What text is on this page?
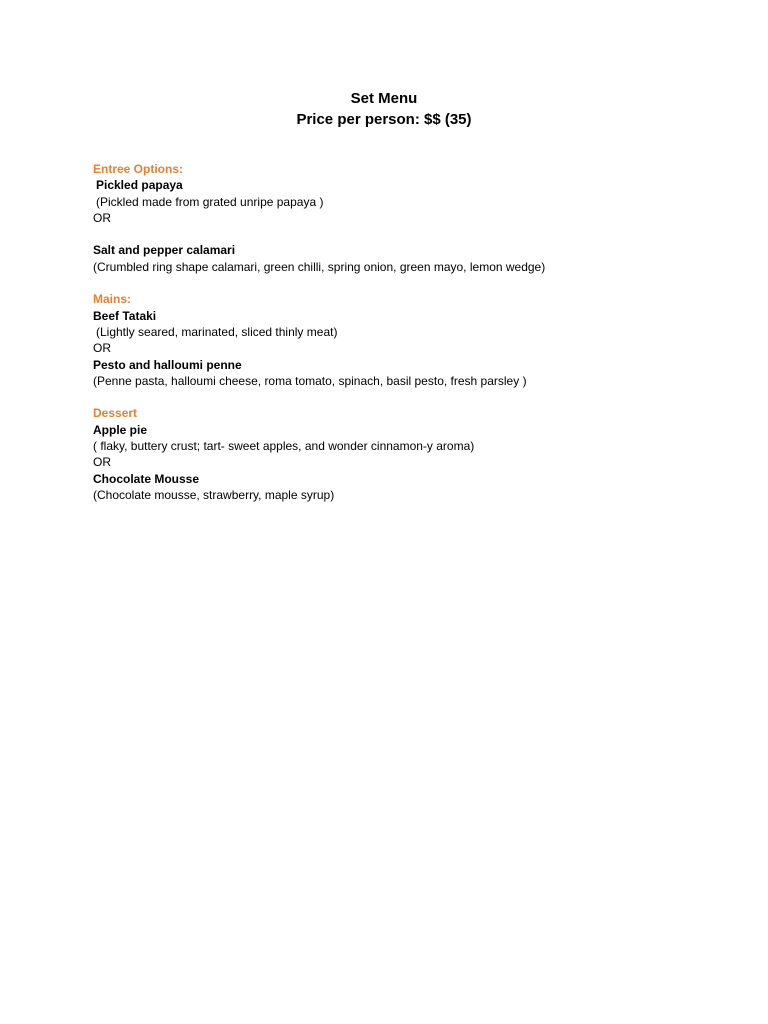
Set Menu
Price per person: $$ (35)
Entree Options:
Pickled papaya
(Pickled made from grated unripe papaya )
OR
Salt and pepper calamari
(Crumbled ring shape calamari, green chilli, spring onion, green mayo, lemon wedge)
Mains:
Beef Tataki
(Lightly seared, marinated, sliced thinly meat)
OR
Pesto and halloumi penne
(Penne pasta, halloumi cheese, roma tomato, spinach, basil pesto, fresh parsley )
Dessert
Apple pie
( flaky, buttery crust; tart- sweet apples, and wonder cinnamon-y aroma)
OR
Chocolate Mousse
(Chocolate mousse, strawberry, maple syrup)
